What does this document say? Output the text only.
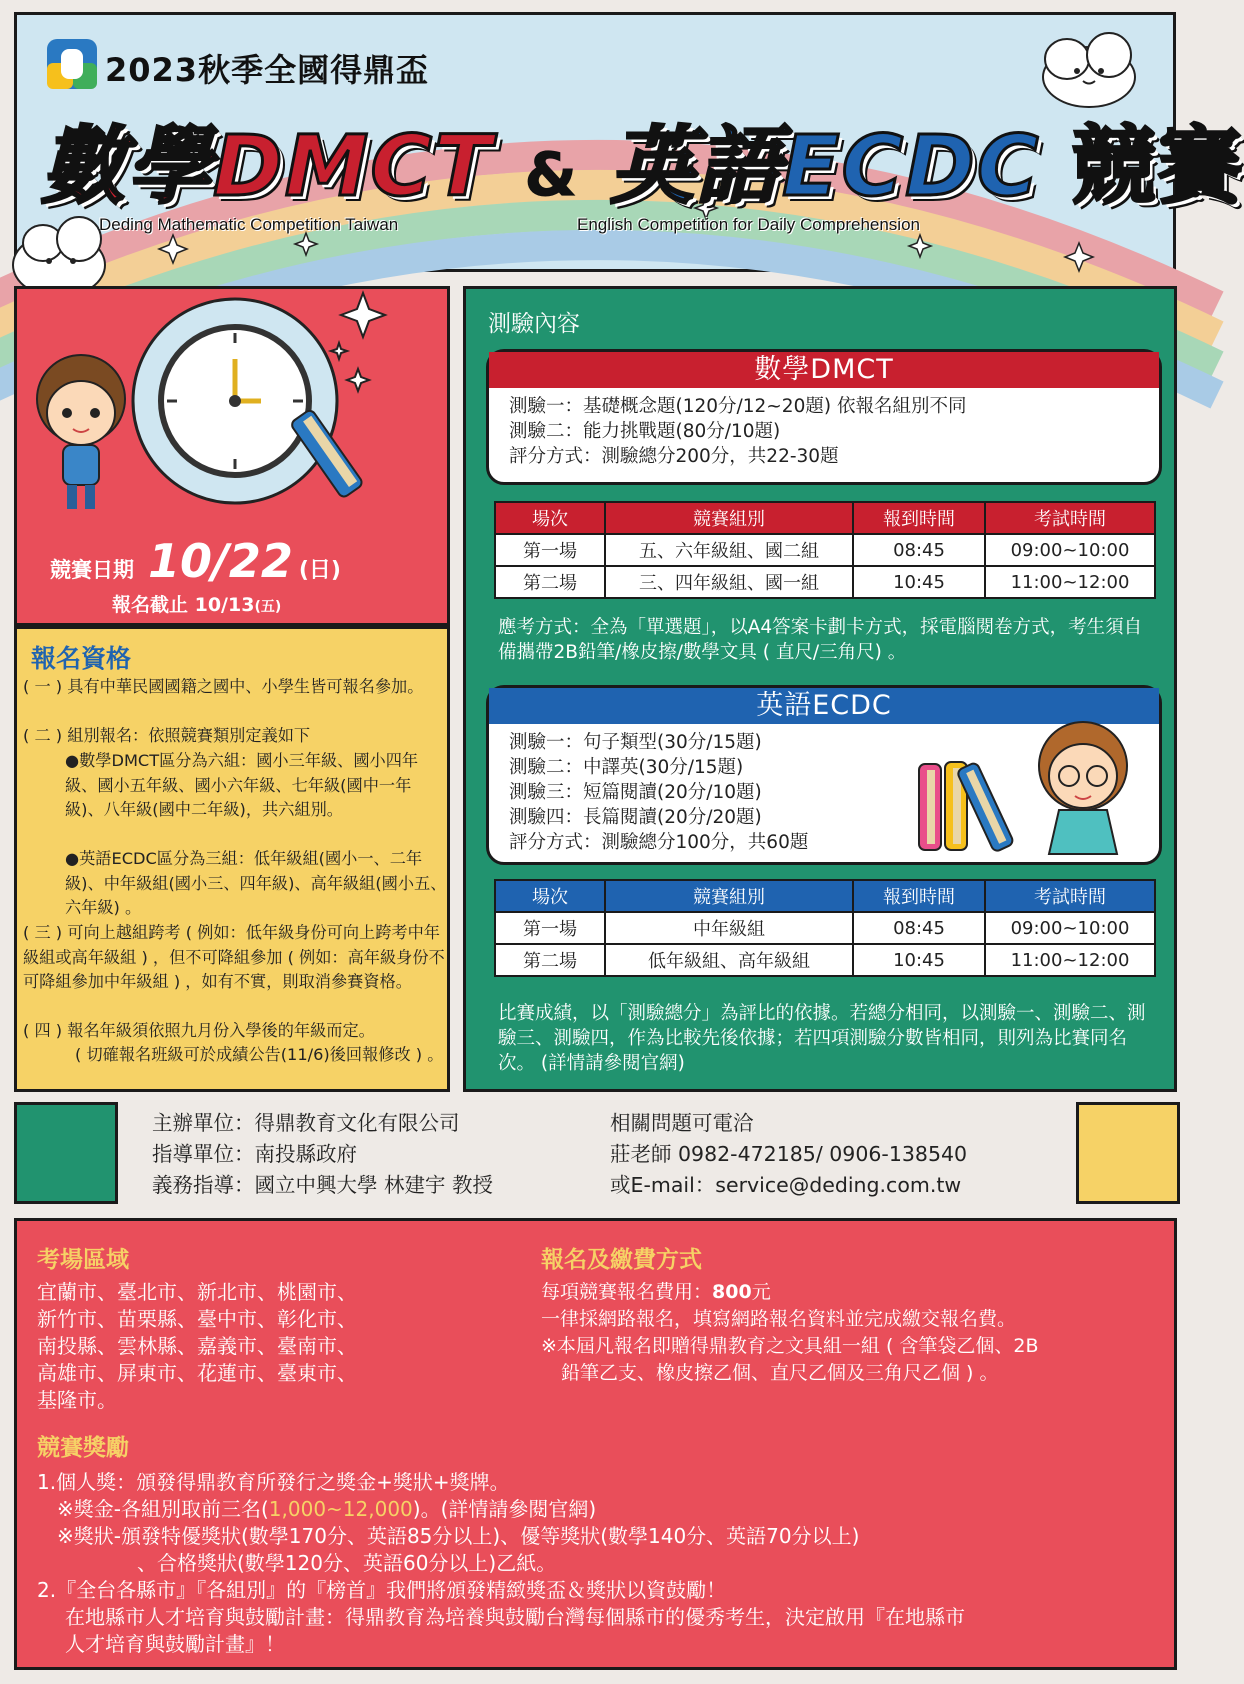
2023秋季全國得鼎盃
數學DMCT & 英語ECDC 競賽
Deding Mathematic Competition Taiwan	English Competition for Daily Comprehension
競賽日期 10/22 (日)
報名截止 10/13(五)
報名資格
( 一 ) 具有中華民國國籍之國中、小學生皆可報名參加。
( 二 ) 組別報名：依照競賽類別定義如下
●數學DMCT區分為六組：國小三年級、國小四年級、國小五年級、國小六年級、七年級(國中一年級)、八年級(國中二年級)，共六組別。
●英語ECDC區分為三組：低年級組(國小一、二年級)、中年級組(國小三、四年級)、高年級組(國小五、六年級) 。
( 三 ) 可向上越組跨考 ( 例如：低年級身份可向上跨考中年級組或高年級組 ) ，但不可降組參加 ( 例如：高年級身份不可降組參加中年級組 ) ，如有不實，則取消參賽資格。
( 四 ) 報名年級須依照九月份入學後的年級而定。
( 切確報名班級可於成績公告(11/6)後回報修改 ) 。
測驗內容
數學DMCT
測驗一：基礎概念題(120分/12~20題) 依報名組別不同
測驗二：能力挑戰題(80分/10題)
評分方式：測驗總分200分，共22-30題
場次	競賽組別	報到時間	考試時間
第一場	五、六年級組、國二組	08:45	09:00~10:00
第二場	三、四年級組、國一組	10:45	11:00~12:00
應考方式：全為「單選題」，以A4答案卡劃卡方式，採電腦閱卷方式，考生須自備攜帶2B鉛筆/橡皮擦/數學文具 ( 直尺/三角尺) 。
英語ECDC
測驗一：句子類型(30分/15題)
測驗二：中譯英(30分/15題)
測驗三：短篇閱讀(20分/10題)
測驗四：長篇閱讀(20分/20題)
評分方式：測驗總分100分，共60題
場次	競賽組別	報到時間	考試時間
第一場	中年級組	08:45	09:00~10:00
第二場	低年級組、高年級組	10:45	11:00~12:00
比賽成績，以「測驗總分」為評比的依據。若總分相同，以測驗一、測驗二、測驗三、測驗四，作為比較先後依據；若四項測驗分數皆相同，則列為比賽同名次。 (詳情請參閱官網)
主辦單位：得鼎教育文化有限公司
指導單位：南投縣政府
義務指導：國立中興大學 林建宇 教授
相關問題可電洽
莊老師 0982-472185/ 0906-138540
或E-mail：service@deding.com.tw
考場區域
宜蘭市、臺北市、新北市、桃園市、
新竹市、苗栗縣、臺中市、彰化市、
南投縣、雲林縣、嘉義市、臺南市、
高雄市、屏東市、花蓮市、臺東市、
基隆市。
報名及繳費方式
每項競賽報名費用：800元
一律採網路報名，填寫網路報名資料並完成繳交報名費。
※本屆凡報名即贈得鼎教育之文具組一組 ( 含筆袋乙個、2B
鉛筆乙支、橡皮擦乙個、直尺乙個及三角尺乙個 ) 。
競賽獎勵
1.個人獎：頒發得鼎教育所發行之獎金+獎狀+獎牌。
※獎金-各組別取前三名(1,000~12,000)。(詳情請參閱官網)
※獎狀-頒發特優獎狀(數學170分、英語85分以上)、優等獎狀(數學140分、英語70分以上)
、合格獎狀(數學120分、英語60分以上)乙紙。
2.『全台各縣市』『各組別』的『榜首』我們將頒發精緻獎盃＆獎狀以資鼓勵！
在地縣市人才培育與鼓勵計畫：得鼎教育為培養與鼓勵台灣每個縣市的優秀考生，決定啟用『在地縣市
人才培育與鼓勵計畫』！
